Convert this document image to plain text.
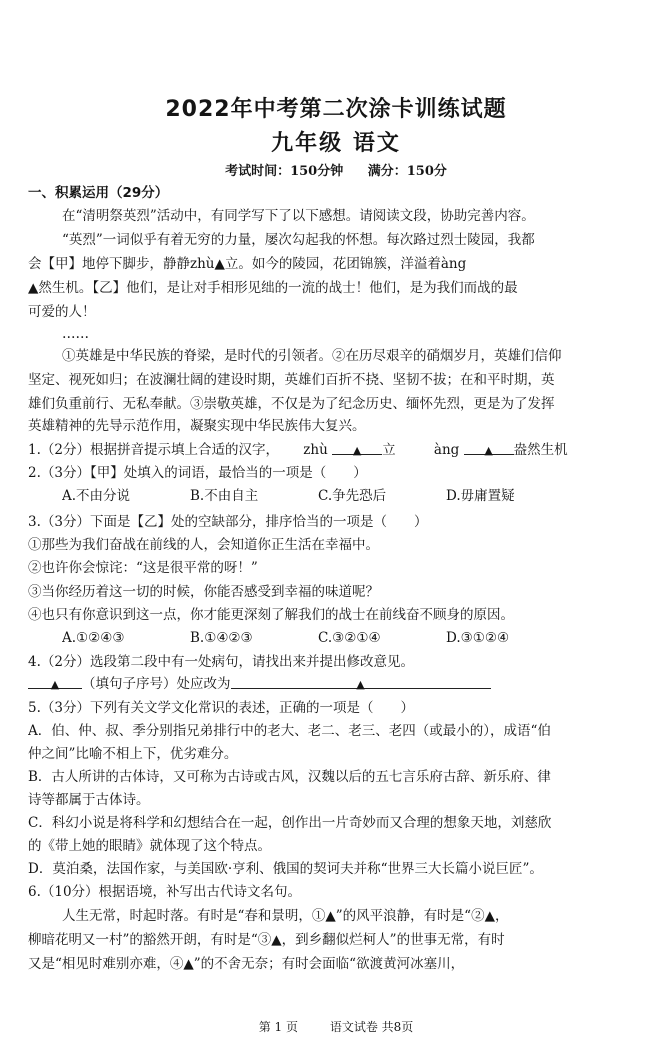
2022年中考第二次涂卡训练试题
九年级 语文
考试时间：150分钟 满分：150分
一、积累运用（29分）
在“清明祭英烈”活动中，有同学写下了以下感想。请阅读文段，协助完善内容。
“英烈”一词似乎有着无穷的力量，屡次勾起我的怀想。每次路过烈士陵园，我都
会【甲】地停下脚步，静静zhù▲立。如今的陵园，花团锦簇，洋溢着àng
▲然生机。【乙】他们，是让对手相形见绌的一流的战士！他们，是为我们而战的最
可爱的人！
……
①英雄是中华民族的脊梁，是时代的引领者。②在历尽艰辛的硝烟岁月，英雄们信仰
坚定、视死如归；在波澜壮阔的建设时期，英雄们百折不挠、坚韧不拔；在和平时期，英
雄们负重前行、无私奉献。③崇敬英雄，不仅是为了纪念历史、缅怀先烈，更是为了发挥
英雄精神的先导示范作用，凝聚实现中华民族伟大复兴。
1.（2分）根据拼音提示填上合适的汉字， zhù ▲ 立	àng ▲ 盎然生机
2.（3分）【甲】处填入的词语，最恰当的一项是（　　）
A.不由分说	B.不由自主	C.争先恐后	D.毋庸置疑
3.（3分）下面是【乙】处的空缺部分，排序恰当的一项是（　　）
①那些为我们奋战在前线的人，会知道你正生活在幸福中。
②也许你会惊诧：“这是很平常的呀！”
③当你经历着这一切的时候，你能否感受到幸福的味道呢？
④也只有你意识到这一点，你才能更深刻了解我们的战士在前线奋不顾身的原因。
A.①②④③	B.①④②③	C.③②①④	D.③①②④
4.（2分）选段第二段中有一处病句，请找出来并提出修改意见。
▲ （填句子序号）处应改为	▲
5.（3分）下列有关文学文化常识的表述，正确的一项是（　　）
A．伯、仲、叔、季分别指兄弟排行中的老大、老二、老三、老四（或最小的），成语“伯
仲之间”比喻不相上下，优劣难分。
B．古人所讲的古体诗，又可称为古诗或古风，汉魏以后的五七言乐府古辞、新乐府、律
诗等都属于古体诗。
C．科幻小说是将科学和幻想结合在一起，创作出一片奇妙而又合理的想象天地，刘慈欣
的《带上她的眼睛》就体现了这个特点。
D．莫泊桑，法国作家，与美国欧·亨利、俄国的契诃夫并称“世界三大长篇小说巨匠”。
6.（10分）根据语境，补写出古代诗文名句。
人生无常，时起时落。有时是“春和景明，①▲”的风平浪静，有时是“②▲，
柳暗花明又一村”的豁然开朗，有时是“③▲，到乡翻似烂柯人”的世事无常，有时
又是“相见时难别亦难，④▲”的不舍无奈；有时会面临“欲渡黄河冰塞川，
第 1 页	语文试卷 共8页
